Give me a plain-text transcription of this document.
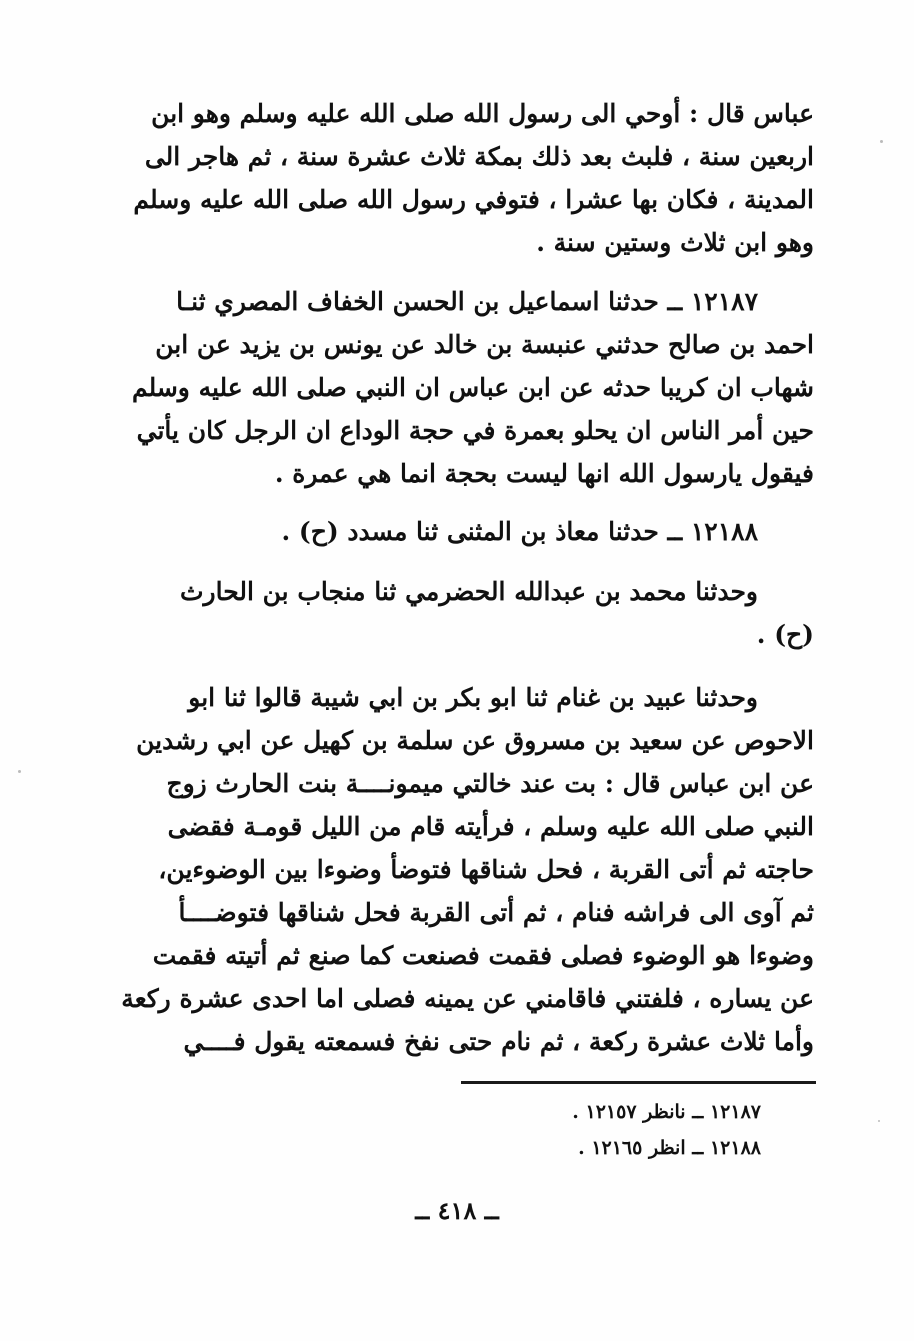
عباس قال : أوحي الى رسول الله صلى الله عليه وسلم وهو ابن
اربعين سنة ، فلبث بعد ذلك بمكة ثلاث عشرة سنة ، ثم هاجر الى
المدينة ، فكان بها عشرا ، فتوفي رسول الله صلى الله عليه وسلم
وهو ابن ثلاث وستين سنة .
١٢١٨٧ ــ حدثنا اسماعيل بن الحسن الخفاف المصري ثنـا
احمد بن صالح حدثني عنبسة بن خالد عن يونس بن يزيد عن ابن
شهاب ان كريبا حدثه عن ابن عباس ان النبي صلى الله عليه وسلم
حين أمر الناس ان يحلو بعمرة في حجة الوداع ان الرجل كان يأتي
فيقول يارسول الله انها ليست بحجة انما هي عمرة .
١٢١٨٨ ــ حدثنا معاذ بن المثنى ثنا مسدد (ح) .
وحدثنا محمد بن عبدالله الحضرمي ثنا منجاب بن الحارث
(ح) .
وحدثنا عبيد بن غنام ثنا ابو بكر بن ابي شيبة قالوا ثنا ابو
الاحوص عن سعيد بن مسروق عن سلمة بن كهيل عن ابي رشدين
عن ابن عباس قال : بت عند خالتي ميمونــــة بنت الحارث زوج
النبي صلى الله عليه وسلم ، فرأيته قام من الليل قومـة فقضى
حاجته ثم أتى القربة ، فحل شناقها فتوضأ وضوءا بين الوضوءين،
ثم آوى الى فراشه فنام ، ثم أتى القربة فحل شناقها فتوضــــأ
وضوءا هو الوضوء فصلى فقمت فصنعت كما صنع ثم أتيته فقمت
عن يساره ، فلفتني فاقامني عن يمينه فصلى اما احدى عشرة ركعة
وأما ثلاث عشرة ركعة ، ثم نام حتى نفخ فسمعته يقول فــــي
١٢١٨٧ ــ نانظر ١٢١٥٧ .
١٢١٨٨ ــ انظر ١٢١٦٥ .
ــ ٤١٨ ــ
